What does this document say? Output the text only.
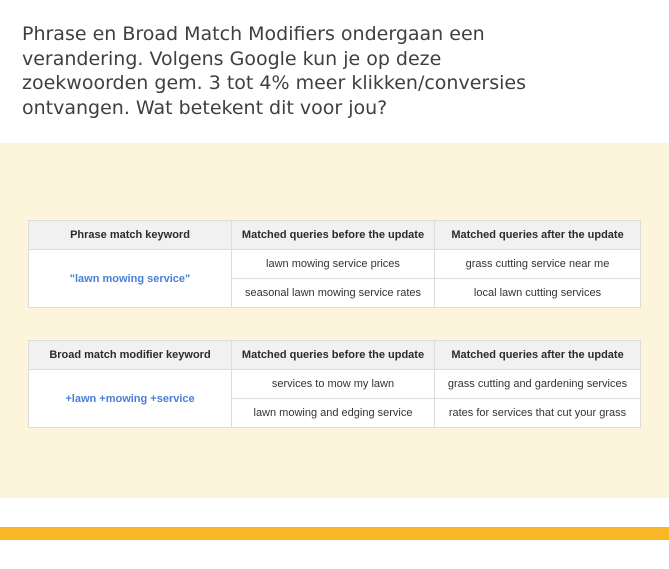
Phrase en Broad Match Modifiers ondergaan een
verandering. Volgens Google kun je op deze
zoekwoorden gem. 3 tot 4% meer klikken/conversies
ontvangen. Wat betekent dit voor jou?
Phrase match keyword	Matched queries before the update	Matched queries after the update
"lawn mowing service"	lawn mowing service prices	grass cutting service near me
	seasonal lawn mowing service rates	local lawn cutting services
Broad match modifier keyword	Matched queries before the update	Matched queries after the update
+lawn +mowing +service	services to mow my lawn	grass cutting and gardening services
	lawn mowing and edging service	rates for services that cut your grass
